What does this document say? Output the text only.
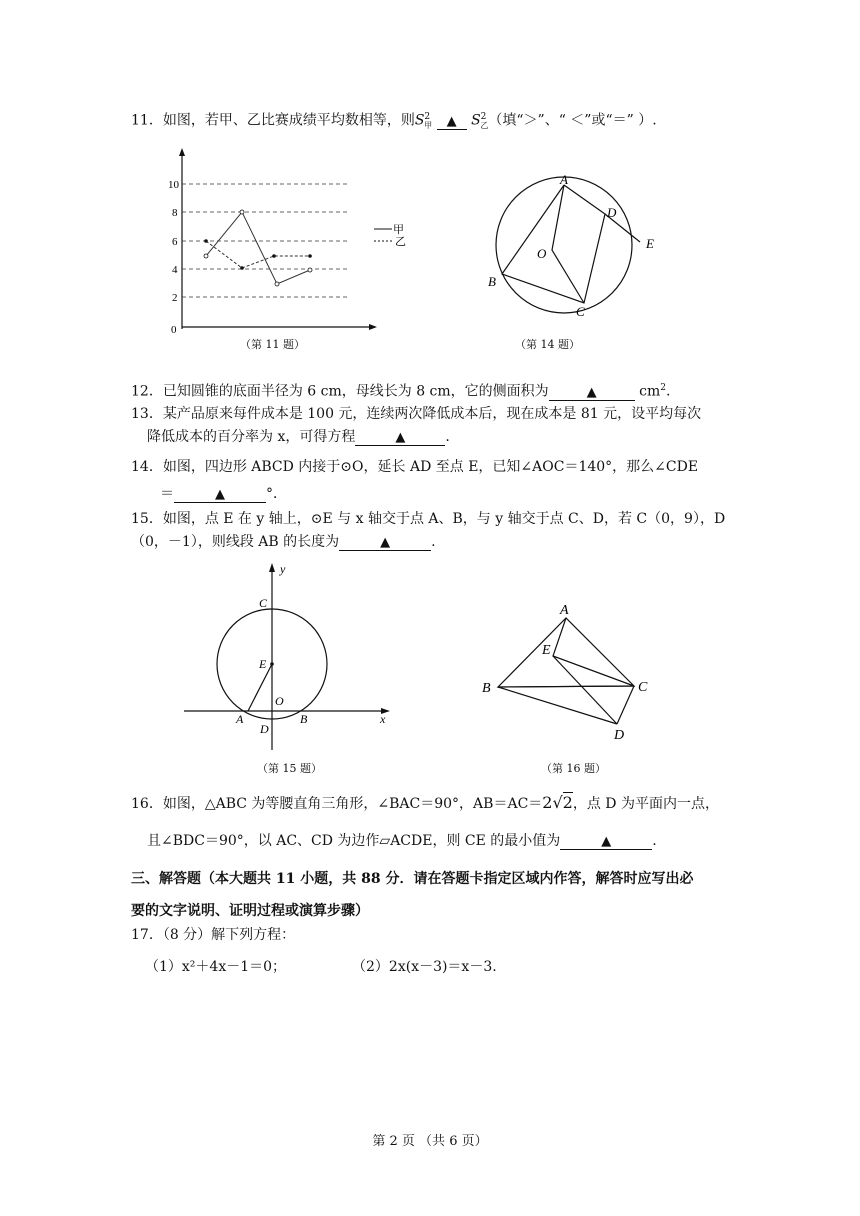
11．如图，若甲、乙比赛成绩平均数相等，则$S^2_甲$ ▲ $S^2_乙$（填“＞”、“ ＜”或“＝” ）.
10
8
6
4
2
0
甲
乙
（第 11 题）
A
D
E
O
B
C
（第 14 题）
12．已知圆锥的底面半径为 6 cm，母线长为 8 cm，它的侧面积为	▲	$cm^2$.
13．某产品原来每件成本是 100 元，连续两次降低成本后，现在成本是 81 元，设平均每次
降低成本的百分率为 x，可得方程	▲	.
14．如图，四边形 ABCD 内接于⊙O，延长 AD 至点 E，已知∠AOC＝140°，那么∠CDE
＝	▲	°．
15．如图，点 E 在 y 轴上，⊙E 与 x 轴交于点 A、B，与 y 轴交于点 C、D，若 C（0，9），D
（0，－1），则线段 AB 的长度为	▲	.
y
x
C
E
O
A	B
D
（第 15 题）
A
E
B	C
D
（第 16 题）
16．如图，△ABC 为等腰直角三角形，∠BAC＝90°，AB＝AC＝2√2，点 D 为平面内一点，
且∠BDC＝90°，以 AC、CD 为边作▱ACDE，则 CE 的最小值为	▲	.
三、解答题（本大题共 11 小题，共 88 分．请在答题卡指定区域内作答，解答时应写出必
要的文字说明、证明过程或演算步骤）
17．（8 分）解下列方程：
（1）x²＋4x－1＝0；	（2）2x(x－3)＝x－3.
第 2 页 （共 6 页）
